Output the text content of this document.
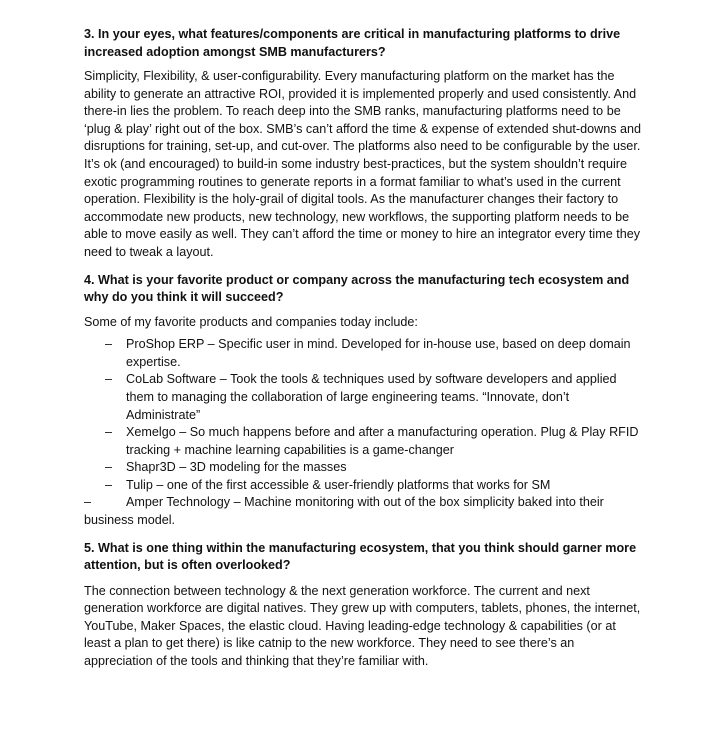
3. In your eyes, what features/components are critical in manufacturing platforms to drive increased adoption amongst SMB manufacturers?

Simplicity, Flexibility, & user-configurability. Every manufacturing platform on the market has the ability to generate an attractive ROI, provided it is implemented properly and used consistently. And there-in lies the problem. To reach deep into the SMB ranks, manufacturing platforms need to be ‘plug & play’ right out of the box. SMB’s can’t afford the time & expense of extended shut-downs and disruptions for training, set-up, and cut-over. The platforms also need to be configurable by the user. It’s ok (and encouraged) to build-in some industry best-practices, but the system shouldn’t require exotic programming routines to generate reports in a format familiar to what’s used in the current operation. Flexibility is the holy-grail of digital tools. As the manufacturer changes their factory to accommodate new products, new technology, new workflows, the supporting platform needs to be able to move easily as well. They can’t afford the time or money to hire an integrator every time they need to tweak a layout.

4. What is your favorite product or company across the manufacturing tech ecosystem and why do you think it will succeed?

Some of my favorite products and companies today include:

– ProShop ERP – Specific user in mind. Developed for in-house use, based on deep domain expertise.
– CoLab Software – Took the tools & techniques used by software developers and applied them to managing the collaboration of large engineering teams. “Innovate, don’t Administrate”
– Xemelgo – So much happens before and after a manufacturing operation. Plug & Play RFID tracking + machine learning capabilities is a game-changer
– Shapr3D – 3D modeling for the masses
– Tulip – one of the first accessible & user-friendly platforms that works for SM
–	Amper Technology – Machine monitoring with out of the box simplicity baked into their business model.

5. What is one thing within the manufacturing ecosystem, that you think should garner more attention, but is often overlooked?

The connection between technology & the next generation workforce. The current and next generation workforce are digital natives. They grew up with computers, tablets, phones, the internet, YouTube, Maker Spaces, the elastic cloud. Having leading-edge technology & capabilities (or at least a plan to get there) is like catnip to the new workforce. They need to see there’s an appreciation of the tools and thinking that they’re familiar with.
